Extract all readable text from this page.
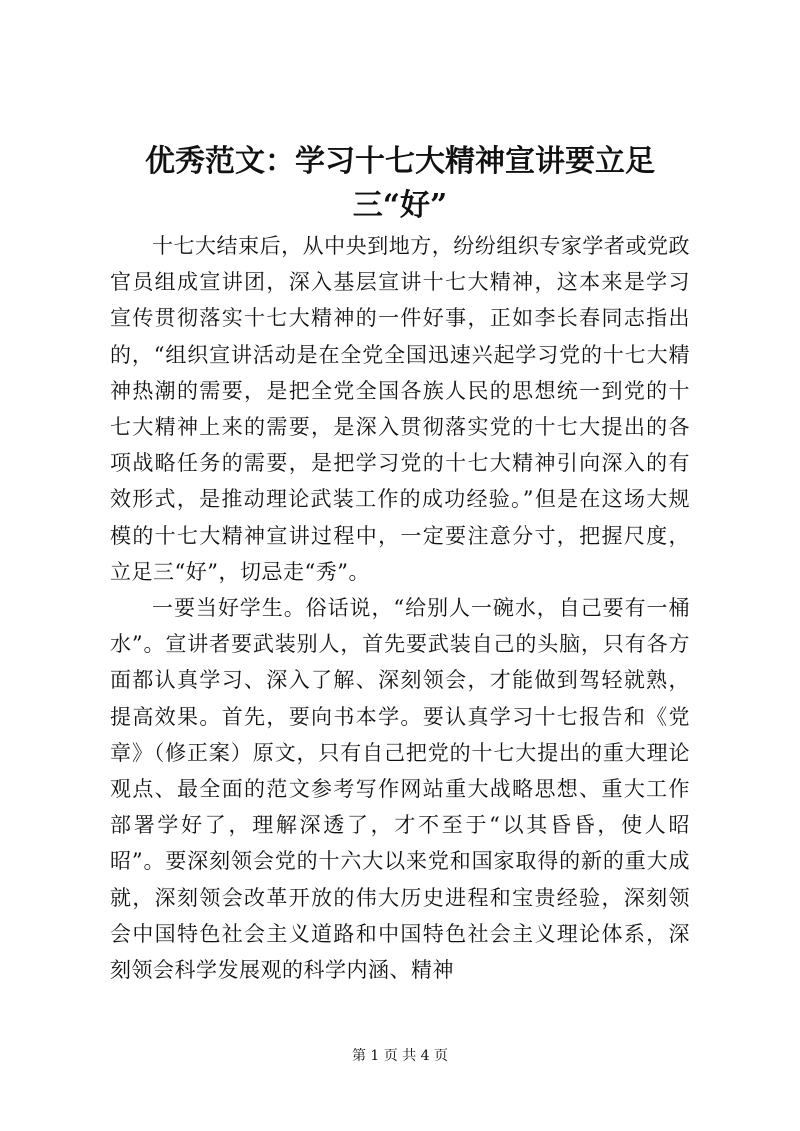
优秀范文：学习十七大精神宣讲要立足三“好”

十七大结束后，从中央到地方，纷纷组织专家学者或党政官员组成宣讲团，深入基层宣讲十七大精神，这本来是学习宣传贯彻落实十七大精神的一件好事，正如李长春同志指出的，“组织宣讲活动是在全党全国迅速兴起学习党的十七大精神热潮的需要，是把全党全国各族人民的思想统一到党的十七大精神上来的需要，是深入贯彻落实党的十七大提出的各项战略任务的需要，是把学习党的十七大精神引向深入的有效形式，是推动理论武装工作的成功经验。”但是在这场大规模的十七大精神宣讲过程中，一定要注意分寸，把握尺度，立足三“好”，切忌走“秀”。

一要当好学生。俗话说，“给别人一碗水，自己要有一桶水”。宣讲者要武装别人，首先要武装自己的头脑，只有各方面都认真学习、深入了解、深刻领会，才能做到驾轻就熟，提高效果。首先，要向书本学。要认真学习十七报告和《党章》（修正案）原文，只有自己把党的十七大提出的重大理论观点、最全面的范文参考写作网站重大战略思想、重大工作部署学好了，理解深透了，才不至于“以其昏昏，使人昭昭”。要深刻领会党的十六大以来党和国家取得的新的重大成就，深刻领会改革开放的伟大历史进程和宝贵经验，深刻领会中国特色社会主义道路和中国特色社会主义理论体系，深刻领会科学发展观的科学内涵、精神

第 1 页 共 4 页
